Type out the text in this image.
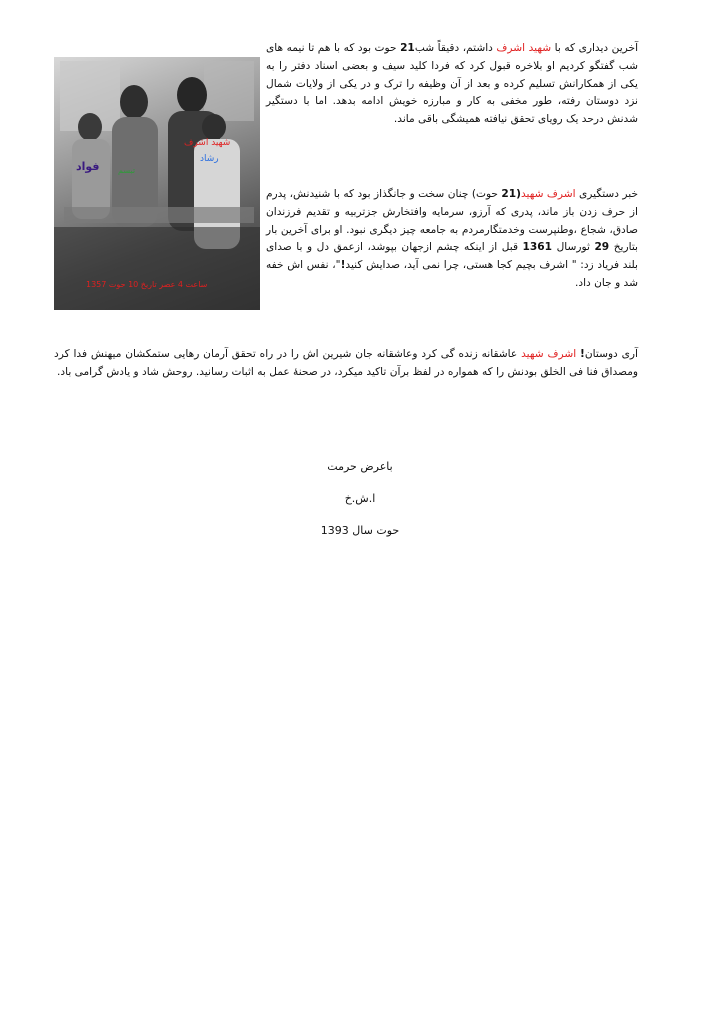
شهید اشرف
فواد تبسم
رشاد
ساعت 4 عصر تاریخ 10 حوت 1357

آخرین دیداری که با شهید اشرف داشتم، دقیقاً شب21 حوت بود که با هم تا نیمه های شب گفتگو کردیم او بلاخره قبول کرد که فردا کلید سیف و بعضی اسناد دفتر را به یکی از همکارانش تسلیم کرده و بعد از آن وظیفه را ترک و در یکی از ولایات شمال نزد دوستان رفته، طور مخفی به کار و مبارزه خویش ادامه بدهد. اما با دستگیر شدنش درحد یک رویای تحقق نیافته همیشگی باقی ماند.

خبر دستگیری اشرف شهید(21 حوت) چنان سخت و جانگذاز بود که با شنیدنش، پدرم از حرف زدن باز ماند، پدری که آرزو، سرمایه وافتخارش جزتربیه و تقدیم فرزندان صادق، شجاع ،وطنپرست وخدمتگارمردم به جامعه چیز دیگری نبود. او برای آخرین بار بتاریخ 29 ثورسال 1361 قبل از اینکه چشم ازجهان بپوشد، ازعمق دل و با صدای بلند فریاد زد: " اشرف بچیم کجا هستی، چرا نمی آید، صدایش کنید!"، نفس اش خفه شد و جان داد.

آری دوستان! اشرف شهید عاشقانه زنده گی کرد وعاشقانه جان شیرین اش را در راه تحقق آرمان رهایی ستمکشان میهنش فدا کرد ومصداق فنا فی الخلق بودنش را که همواره در لفظ برآن تاکید میکرد، در صحنهٔ عمل به اثبات رسانید. روحش شاد و یادش گرامی باد.

باعرض حرمت
ا.ش.خ
حوت سال 1393
